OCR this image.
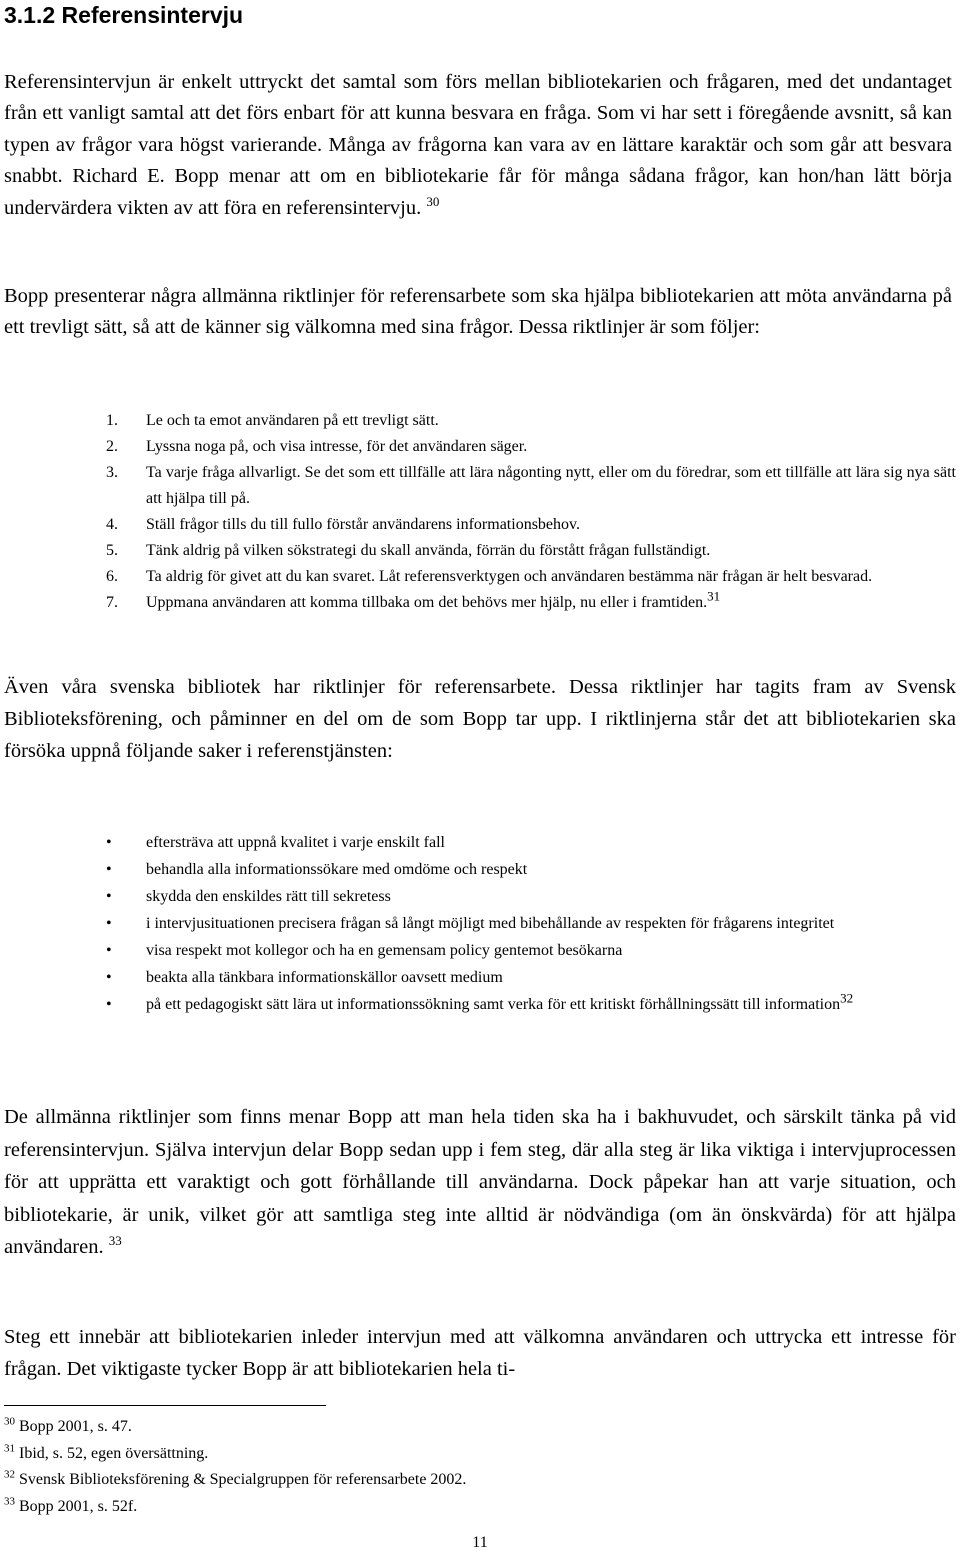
3.1.2 Referensintervju

Referensintervjun är enkelt uttryckt det samtal som förs mellan bibliotekarien och frågaren, med det undantaget från ett vanligt samtal att det förs enbart för att kunna besvara en fråga. Som vi har sett i föregående avsnitt, så kan typen av frågor vara högst varierande. Många av frågorna kan vara av en lättare karaktär och som går att besvara snabbt. Richard E. Bopp menar att om en bibliotekarie får för många sådana frågor, kan hon/han lätt börja undervärdera vikten av att föra en referensintervju. $^{30}$

Bopp presenterar några allmänna riktlinjer för referensarbete som ska hjälpa bibliotekarien att möta användarna på ett trevligt sätt, så att de känner sig välkomna med sina frågor. Dessa riktlinjer är som följer:

1. Le och ta emot användaren på ett trevligt sätt.
2. Lyssna noga på, och visa intresse, för det användaren säger.
3. Ta varje fråga allvarligt. Se det som ett tillfälle att lära någonting nytt, eller om du föredrar, som ett tillfälle att lära sig nya sätt att hjälpa till på.
4. Ställ frågor tills du till fullo förstår användarens informationsbehov.
5. Tänk aldrig på vilken sökstrategi du skall använda, förrän du förstått frågan fullständigt.
6. Ta aldrig för givet att du kan svaret. Låt referensverktygen och användaren bestämma när frågan är helt besvarad.
7. Uppmana användaren att komma tillbaka om det behövs mer hjälp, nu eller i framtiden.$^{31}$

Även våra svenska bibliotek har riktlinjer för referensarbete. Dessa riktlinjer har tagits fram av Svensk Biblioteksförening, och påminner en del om de som Bopp tar upp. I riktlinjerna står det att bibliotekarien ska försöka uppnå följande saker i referenstjänsten:

• eftersträva att uppnå kvalitet i varje enskilt fall
• behandla alla informationssökare med omdöme och respekt
• skydda den enskildes rätt till sekretess
• i intervjusituationen precisera frågan så långt möjligt med bibehållande av respekten för frågarens integritet
• visa respekt mot kollegor och ha en gemensam policy gentemot besökarna
• beakta alla tänkbara informationskällor oavsett medium
• på ett pedagogiskt sätt lära ut informationssökning samt verka för ett kritiskt förhållningssätt till information$^{32}$

De allmänna riktlinjer som finns menar Bopp att man hela tiden ska ha i bakhuvudet, och särskilt tänka på vid referensintervjun. Själva intervjun delar Bopp sedan upp i fem steg, där alla steg är lika viktiga i intervjuprocessen för att upprätta ett varaktigt och gott förhållande till användarna. Dock påpekar han att varje situation, och bibliotekarie, är unik, vilket gör att samtliga steg inte alltid är nödvändiga (om än önskvärda) för att hjälpa användaren. $^{33}$

Steg ett innebär att bibliotekarien inleder intervjun med att välkomna användaren och uttrycka ett intresse för frågan. Det viktigaste tycker Bopp är att bibliotekarien hela ti-

$^{30}$ Bopp 2001, s. 47.
$^{31}$ Ibid, s. 52, egen översättning.
$^{32}$ Svensk Biblioteksförening & Specialgruppen för referensarbete 2002.
$^{33}$ Bopp 2001, s. 52f.
11
